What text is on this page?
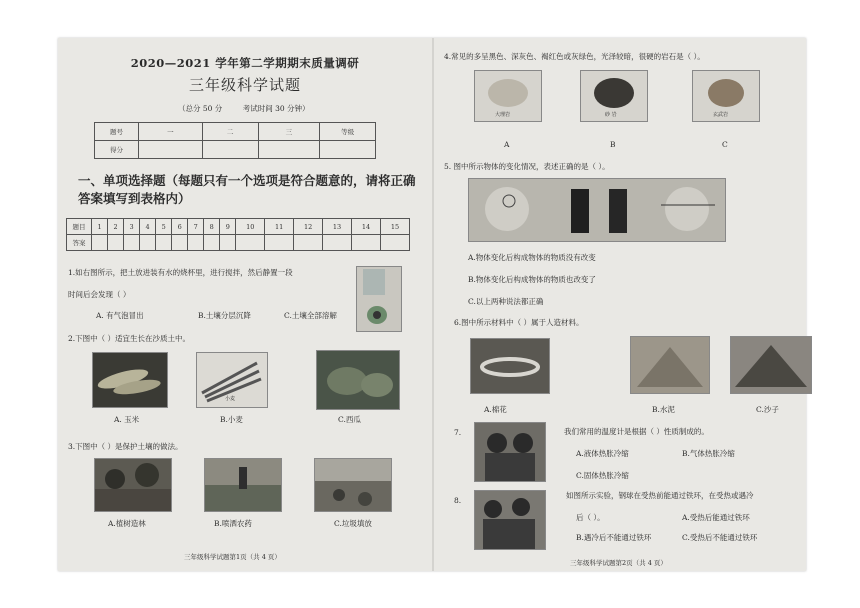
2020—2021 学年第二学期期末质量调研
三年级科学试题
（总分 50 分	考试时间 30 分钟）
题号	一	二	三	等级
得分				
一、单项选择题（每题只有一个选项是符合题意的，请将正确答案填写到表格内）
题目	1	2	3	4	5	6	7	8	9	10	11	12	13	14	15
答案															
1.如右图所示，把土放进装有水的烧杯里，进行搅拌，然后静置一段
时间后会发现（ ）
A. 有气泡冒出	B.土壤分层沉降	C.土壤全部溶解
2.下图中（ ）适宜生长在沙质土中。
小麦
A. 玉米	B.小麦	C.西瓜
3.下图中（ ）是保护土壤的做法。
A.植树造林	B.喷洒农药	C.垃圾填放
三年级科学试题第1页（共 4 页）
4.常见的多呈黑色、深灰色、褐红色或灰绿色，光泽较暗，很硬的岩石是（ ）。
大理岩	砂 岩	玄武岩
A	B	C
5. 图中所示物体的变化情况，表述正确的是（ ）。
A.物体变化后构成物体的物质没有改变
B.物体变化后构成物体的物质也改变了
C.以上两种说法都正确
6.图中所示材料中（ ）属于人造材料。
A.棉花	B.水泥	C.沙子
7.	我们常用的温度计是根据（ ）性质制成的。
A.液体热胀冷缩	B.气体热胀冷缩
C.固体热胀冷缩
8.
如图所示实验，钢球在受热前能通过铁环，在受热或遇冷
后（ ）。	A.受热后能通过铁环
B.遇冷后不能通过铁环	C.受热后不能通过铁环
三年级科学试题第2页（共 4 页）
